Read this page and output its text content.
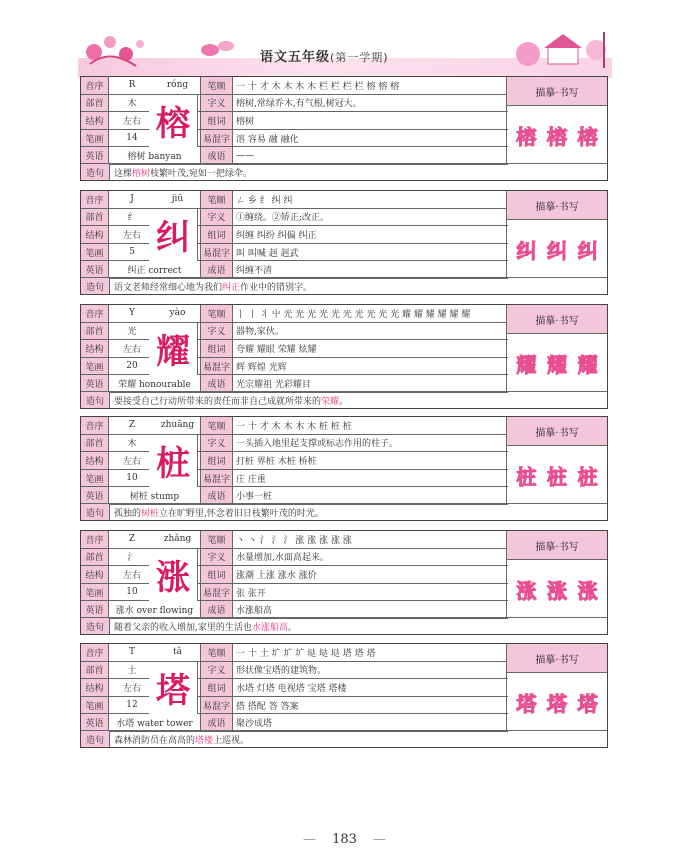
语文五年级(第一学期)
音序	R	róng	笔顺	一 十 才 木 木 木 木 栏 栏 栏 栏 榕 榕 榕
部首	木	字义	榕树,常绿乔木,有气根,树冠大。
结构	左右	组词	榕树
笔画	14	易混字 溶 容易 融 融化
英语	榕树 banyan	成语	——
榕
描摹·书写
榕 榕 榕
造句	这棵 榕树 枝繁叶茂,宛如一把绿伞。
音序	J	jiū	笔顺	ㄥ 乡 纟 纠 纠
部首	纟	字义	①缠绕。②矫正;改正。
结构	左右	组词	纠缠 纠纷 纠偏 纠正
笔画	5	易混字 叫 叫喊 赳 赳武
英语	纠正 correct	成语	纠缠不清
纠
描摹·书写
纠 纠 纠
造句	语文老师经常细心地为我们 纠正 作业中的错别字。
音序	Y	yào	笔顺	丨 丨 丬 屮 光 光 光 光 光 光 光 光 光 光 耀 耀 耀 耀 耀 耀
部首	光	字义	器物,家伙。
结构	左右	组词	夸耀 耀眼 荣耀 炫耀
笔画	20	易混字 辉 辉煌 光辉
英语	荣耀 honourable	成语	光宗耀祖 光彩耀目
耀
描摹·书写
耀 耀 耀
造句	要接受自己行动所带来的责任而非自己成就所带来的 荣耀 。
音序	Z	zhuāng	笔顺	一 十 才 木 木 木 木 桩 桩 桩
部首	木	字义	一头插入地里起支撑或标志作用的柱子。
结构	左右	组词	打桩 界桩 木桩 桥桩
笔画	10	易混字 庄 庄重
英语	树桩 stump	成语	小事一桩
桩
描摹·书写
桩 桩 桩
造句	孤独的 树桩 立在旷野里,怀念着旧日枝繁叶茂的时光。
音序	Z	zhǎng	笔顺	丶 丶 氵 氵 氵 涨 涨 涨 涨 涨
部首	氵	字义	水量增加,水面高起来。
结构	左右	组词	涨潮 上涨 涨水 涨价
笔画	10	易混字 张 张开
英语	涨水 over flowing	成语	水涨船高
涨
描摹·书写
涨 涨 涨
造句	随着父亲的收入增加,家里的生活也 水涨船高 。
音序	T	tǎ	笔顺	一 十 土 圹 圹 圹 垯 垯 垯 塔 塔 塔
部首	土	字义	形状像宝塔的建筑物。
结构	左右	组词	水塔 灯塔 电视塔 宝塔 塔楼
笔画	12	易混字 搭 搭配 答 答案
英语	水塔 water tower	成语	聚沙成塔
塔
描摹·书写
塔 塔 塔
造句	森林消防员在高高的 塔楼 上巡视。
— 183 —
